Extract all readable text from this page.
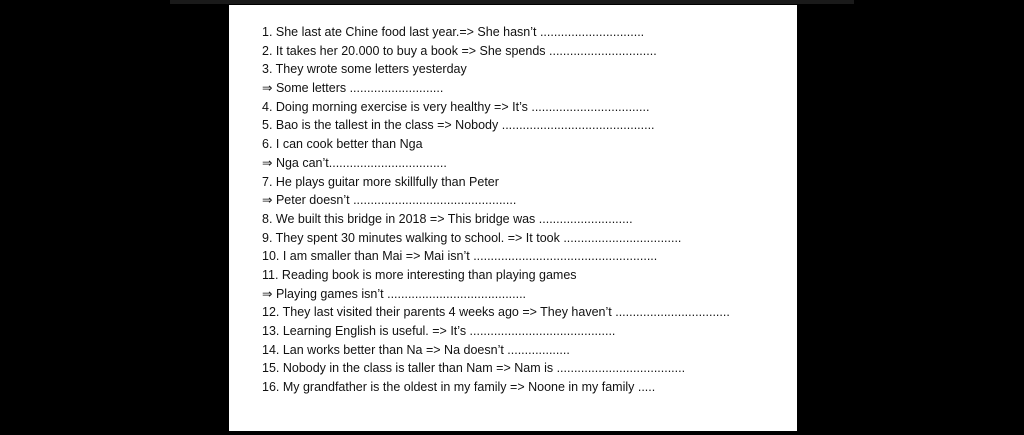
1. She last ate Chine food last year.=> She hasn’t ..............................
2. It takes her 20.000 to buy a book => She spends ...............................
3. They wrote some letters yesterday
⇒ Some letters ...........................
4. Doing morning exercise is very healthy => It’s ..................................
5. Bao is the tallest in the class => Nobody ............................................
6. I can cook better than Nga
⇒ Nga can’t..................................
7. He plays guitar more skillfully than Peter
⇒ Peter doesn’t ...............................................
8. We built this bridge in 2018 => This bridge was ...........................
9. They spent 30 minutes walking to school. => It took ..................................
10. I am smaller than Mai => Mai isn’t .....................................................
11. Reading book is more interesting than playing games
⇒ Playing games isn’t ........................................
12. They last visited their parents 4 weeks ago => They haven’t .................................
13. Learning English is useful. => It’s ..........................................
14. Lan works better than Na => Na doesn’t ..................
15. Nobody in the class is taller than Nam => Nam is .....................................
16. My grandfather is the oldest in my family => Noone in my family .....
